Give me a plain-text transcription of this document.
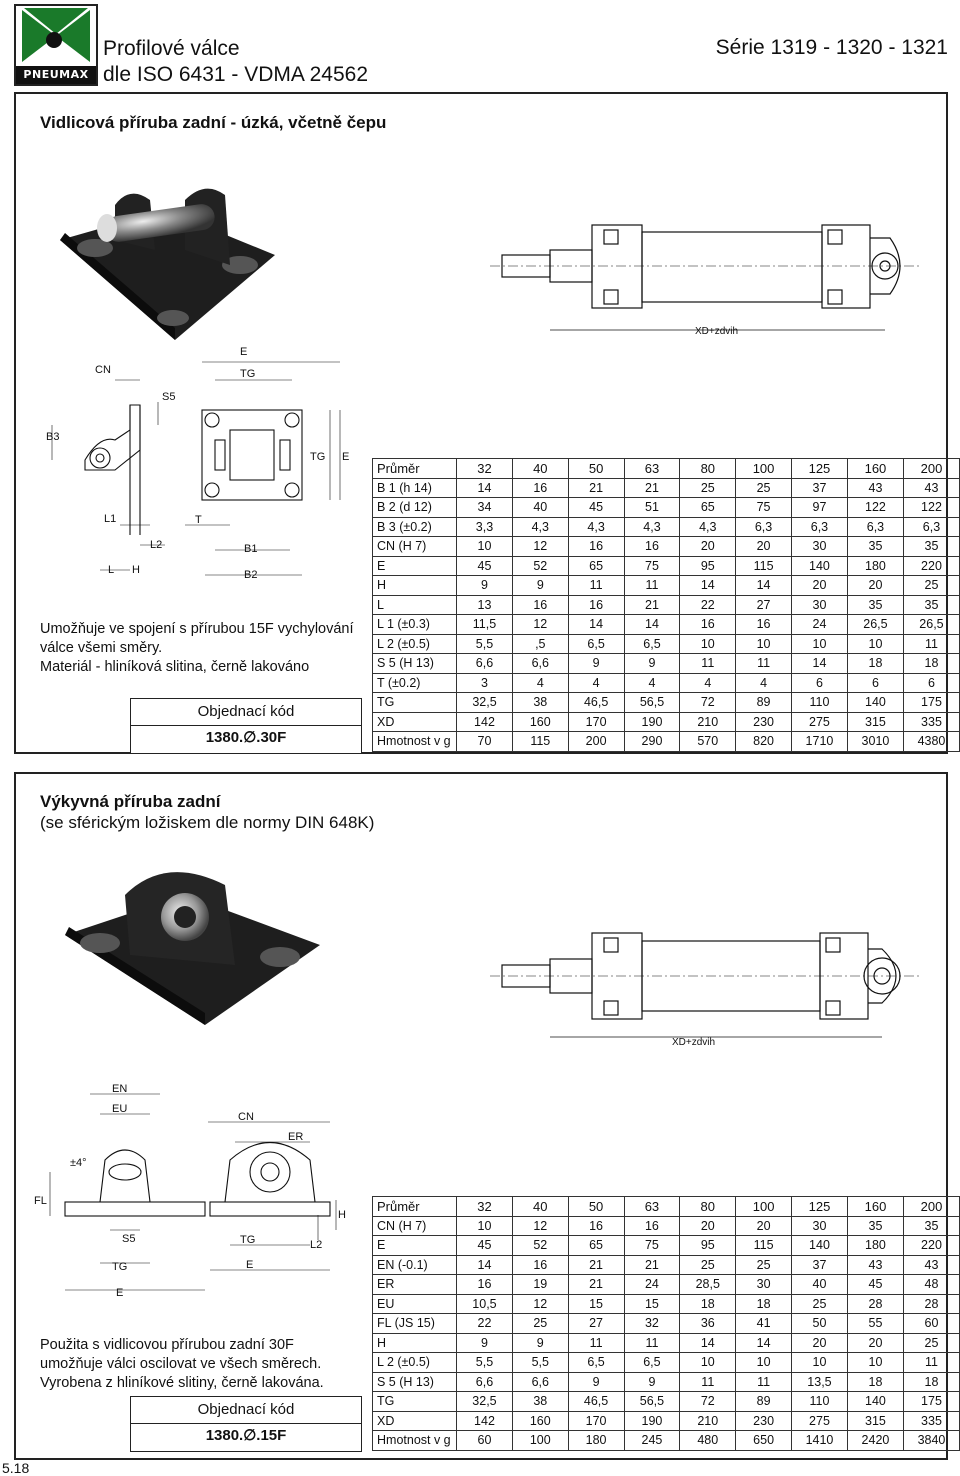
PNEUMAX
Profilové válce
dle ISO 6431 - VDMA 24562
Série 1319 - 1320 - 1321
Vidlicová příruba zadní - úzká, včetně čepu
XD+zdvih
E
TG
CN
S5
B3
L1
L2
L H
T
B1
B2
TG E
Umožňuje ve spojení s přírubou 15F vychylování
válce všemi směry.
Materiál - hliníková slitina, černě lakováno
Objednací kód
1380.∅.30F
Průměr	32	40	50	63	80	100	125	160	200
B 1 (h 14)	14	16	21	21	25	25	37	43	43
B 2 (d 12)	34	40	45	51	65	75	97	122	122
B 3 (±0.2)	3,3	4,3	4,3	4,3	4,3	6,3	6,3	6,3	6,3
CN (H 7)	10	12	16	16	20	20	30	35	35
E	45	52	65	75	95	115	140	180	220
H	9	9	11	11	14	14	20	20	25
L	13	16	16	21	22	27	30	35	35
L 1 (±0.3)	11,5	12	14	14	16	16	24	26,5	26,5
L 2 (±0.5)	5,5	,5	6,5	6,5	10	10	10	10	11
S 5 (H 13)	6,6	6,6	9	9	11	11	14	18	18
T (±0.2)	3	4	4	4	4	4	6	6	6
TG	32,5	38	46,5	56,5	72	89	110	140	175
XD	142	160	170	190	210	230	275	315	335
Hmotnost v g	70	115	200	290	570	820	1710	3010	4380
Výkyvná příruba zadní
(se sférickým ložiskem dle normy DIN 648K)
XD+zdvih
EN
EU
CN
ER
±4°
FL
S5
TG
E
TG
E
L2
H
Použita s vidlicovou přírubou zadní 30F
umožňuje válci oscilovat ve všech směrech.
Vyrobena z hliníkové slitiny, černě lakována.
Objednací kód
1380.∅.15F
Průměr	32	40	50	63	80	100	125	160	200
CN (H 7)	10	12	16	16	20	20	30	35	35
E	45	52	65	75	95	115	140	180	220
EN (-0.1)	14	16	21	21	25	25	37	43	43
ER	16	19	21	24	28,5	30	40	45	48
EU	10,5	12	15	15	18	18	25	28	28
FL (JS 15)	22	25	27	32	36	41	50	55	60
H	9	9	11	11	14	14	20	20	25
L 2 (±0.5)	5,5	5,5	6,5	6,5	10	10	10	10	11
S 5 (H 13)	6,6	6,6	9	9	11	11	13,5	18	18
TG	32,5	38	46,5	56,5	72	89	110	140	175
XD	142	160	170	190	210	230	275	315	335
Hmotnost v g	60	100	180	245	480	650	1410	2420	3840
5.18
